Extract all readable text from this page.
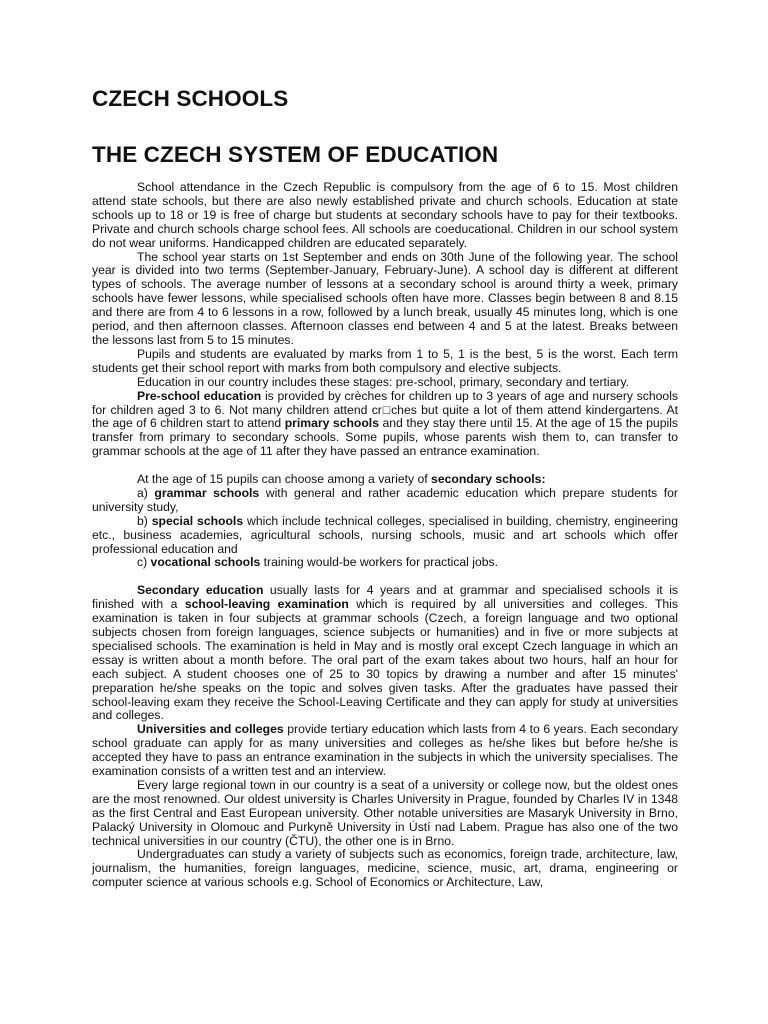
CZECH SCHOOLS
THE CZECH SYSTEM OF EDUCATION

School attendance in the Czech Republic is compulsory from the age of 6 to 15. Most children attend state schools, but there are also newly established private and church schools. Education at state schools up to 18 or 19 is free of charge but students at secondary schools have to pay for their textbooks. Private and church schools charge school fees. All schools are coeducational. Children in our school system do not wear uniforms. Handicapped children are educated separately.

The school year starts on 1st September and ends on 30th June of the following year. The school year is divided into two terms (September-January, February-June). A school day is different at different types of schools. The average number of lessons at a secondary school is around thirty a week, primary schools have fewer lessons, while specialised schools often have more. Classes begin between 8 and 8.15 and there are from 4 to 6 lessons in a row, followed by a lunch break, usually 45 minutes long, which is one period, and then afternoon classes. Afternoon classes end between 4 and 5 at the latest. Breaks between the lessons last from 5 to 15 minutes.

Pupils and students are evaluated by marks from 1 to 5, 1 is the best, 5 is the worst. Each term students get their school report with marks from both compulsory and elective subjects.

Education in our country includes these stages: pre-school, primary, secondary and tertiary.

Pre-school education is provided by crèches for children up to 3 years of age and nursery schools for children aged 3 to 6. Not many children attend cr□ches but quite a lot of them attend kindergartens. At the age of 6 children start to attend primary schools and they stay there until 15. At the age of 15 the pupils transfer from primary to secondary schools. Some pupils, whose parents wish them to, can transfer to grammar schools at the age of 11 after they have passed an entrance examination.

At the age of 15 pupils can choose among a variety of secondary schools:

a) grammar schools with general and rather academic education which prepare students for university study,

b) special schools which include technical colleges, specialised in building, chemistry, engineering etc., business academies, agricultural schools, nursing schools, music and art schools which offer professional education and

c) vocational schools training would-be workers for practical jobs.

Secondary education usually lasts for 4 years and at grammar and specialised schools it is finished with a school-leaving examination which is required by all universities and colleges. This examination is taken in four subjects at grammar schools (Czech, a foreign language and two optional subjects chosen from foreign languages, science subjects or humanities) and in five or more subjects at specialised schools. The examination is held in May and is mostly oral except Czech language in which an essay is written about a month before. The oral part of the exam takes about two hours, half an hour for each subject. A student chooses one of 25 to 30 topics by drawing a number and after 15 minutes' preparation he/she speaks on the topic and solves given tasks. After the graduates have passed their school-leaving exam they receive the School-Leaving Certificate and they can apply for study at universities and colleges.

Universities and colleges provide tertiary education which lasts from 4 to 6 years. Each secondary school graduate can apply for as many universities and colleges as he/she likes but before he/she is accepted they have to pass an entrance examination in the subjects in which the university specialises. The examination consists of a written test and an interview.

Every large regional town in our country is a seat of a university or college now, but the oldest ones are the most renowned. Our oldest university is Charles University in Prague, founded by Charles IV in 1348 as the first Central and East European university. Other notable universities are Masaryk University in Brno, Palacký University in Olomouc and Purkyně University in Ústí nad Labem. Prague has also one of the two technical universities in our country (ČTU), the other one is in Brno.

Undergraduates can study a variety of subjects such as economics, foreign trade, architecture, law, journalism, the humanities, foreign languages, medicine, science, music, art, drama, engineering or computer science at various schools e.g. School of Economics or Architecture, Law,
